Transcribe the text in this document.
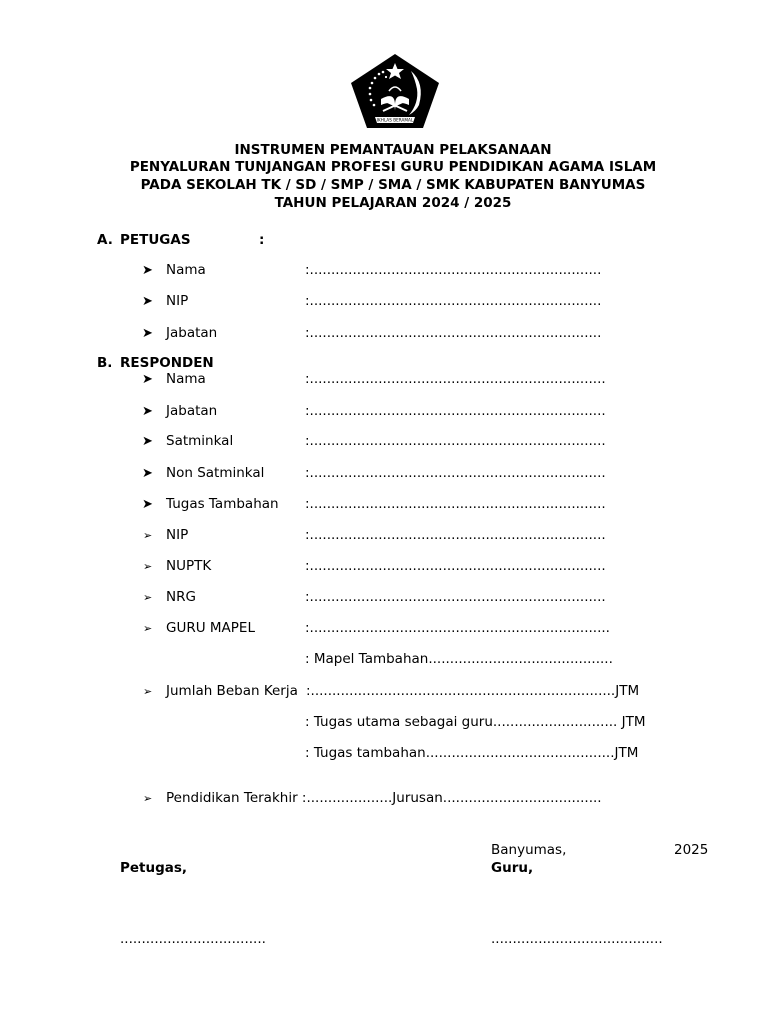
IKHLAS BERAMAL
INSTRUMEN PEMANTAUAN PELAKSANAAN
PENYALURAN TUNJANGAN PROFESI GURU PENDIDIKAN AGAMA ISLAM
PADA SEKOLAH TK / SD / SMP / SMA / SMK KABUPATEN BANYUMAS
TAHUN PELAJARAN 2024 / 2025
A. PETUGAS	:
➤ Nama	:....................................................................
➤ NIP	:....................................................................
➤ Jabatan	:....................................................................
B. RESPONDEN
➤ Nama	:.....................................................................
➤ Jabatan	:.....................................................................
➤ Satminkal	:.....................................................................
➤ Non Satminkal	:.....................................................................
➤ Tugas Tambahan :.....................................................................
➢ NIP	:.....................................................................
➢ NUPTK	:.....................................................................
➢ NRG	:.....................................................................
➢ GURU MAPEL	:......................................................................
: Mapel Tambahan...........................................
➢ Jumlah Beban Kerja :.......................................................................JTM
: Tugas utama sebagai guru............................. JTM
: Tugas tambahan............................................JTM
➢ Pendidikan Terakhir :....................Jurusan.....................................
Banyumas,	2025
Petugas,	Guru,
..................................	........................................
